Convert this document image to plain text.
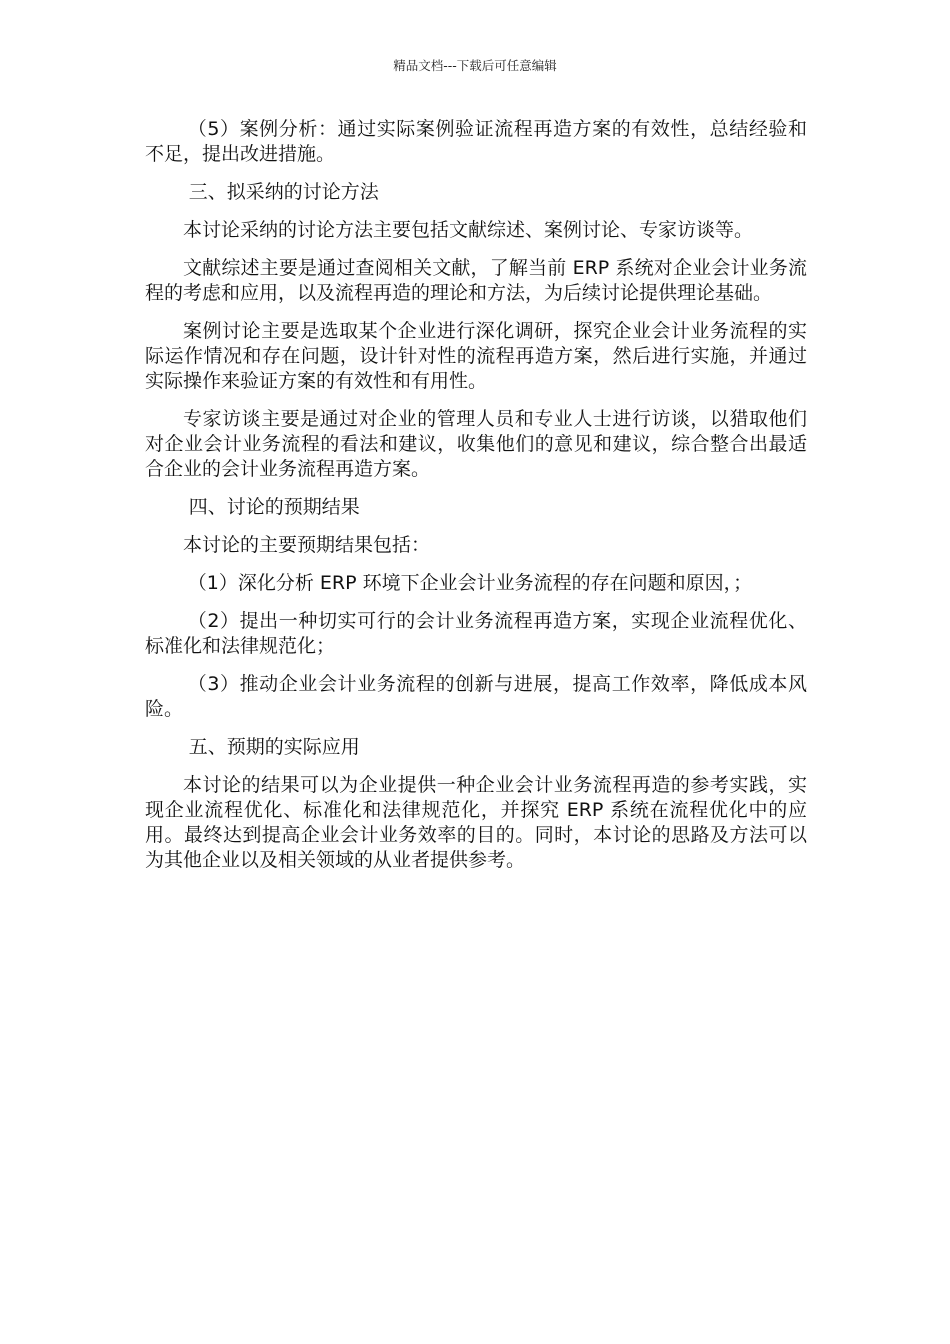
精品文档---下载后可任意编辑

（5）案例分析：通过实际案例验证流程再造方案的有效性，总结经验和不足，提出改进措施。

三、拟采纳的讨论方法

本讨论采纳的讨论方法主要包括文献综述、案例讨论、专家访谈等。

文献综述主要是通过查阅相关文献，了解当前 ERP 系统对企业会计业务流程的考虑和应用，以及流程再造的理论和方法，为后续讨论提供理论基础。

案例讨论主要是选取某个企业进行深化调研，探究企业会计业务流程的实际运作情况和存在问题，设计针对性的流程再造方案，然后进行实施，并通过实际操作来验证方案的有效性和有用性。

专家访谈主要是通过对企业的管理人员和专业人士进行访谈，以猎取他们对企业会计业务流程的看法和建议，收集他们的意见和建议，综合整合出最适合企业的会计业务流程再造方案。

四、讨论的预期结果

本讨论的主要预期结果包括：

（1）深化分析 ERP 环境下企业会计业务流程的存在问题和原因，；

（2）提出一种切实可行的会计业务流程再造方案，实现企业流程优化、标准化和法律规范化；

（3）推动企业会计业务流程的创新与进展，提高工作效率，降低成本风险。

五、预期的实际应用

本讨论的结果可以为企业提供一种企业会计业务流程再造的参考实践，实现企业流程优化、标准化和法律规范化，并探究 ERP 系统在流程优化中的应用。最终达到提高企业会计业务效率的目的。同时，本讨论的思路及方法可以为其他企业以及相关领域的从业者提供参考。
